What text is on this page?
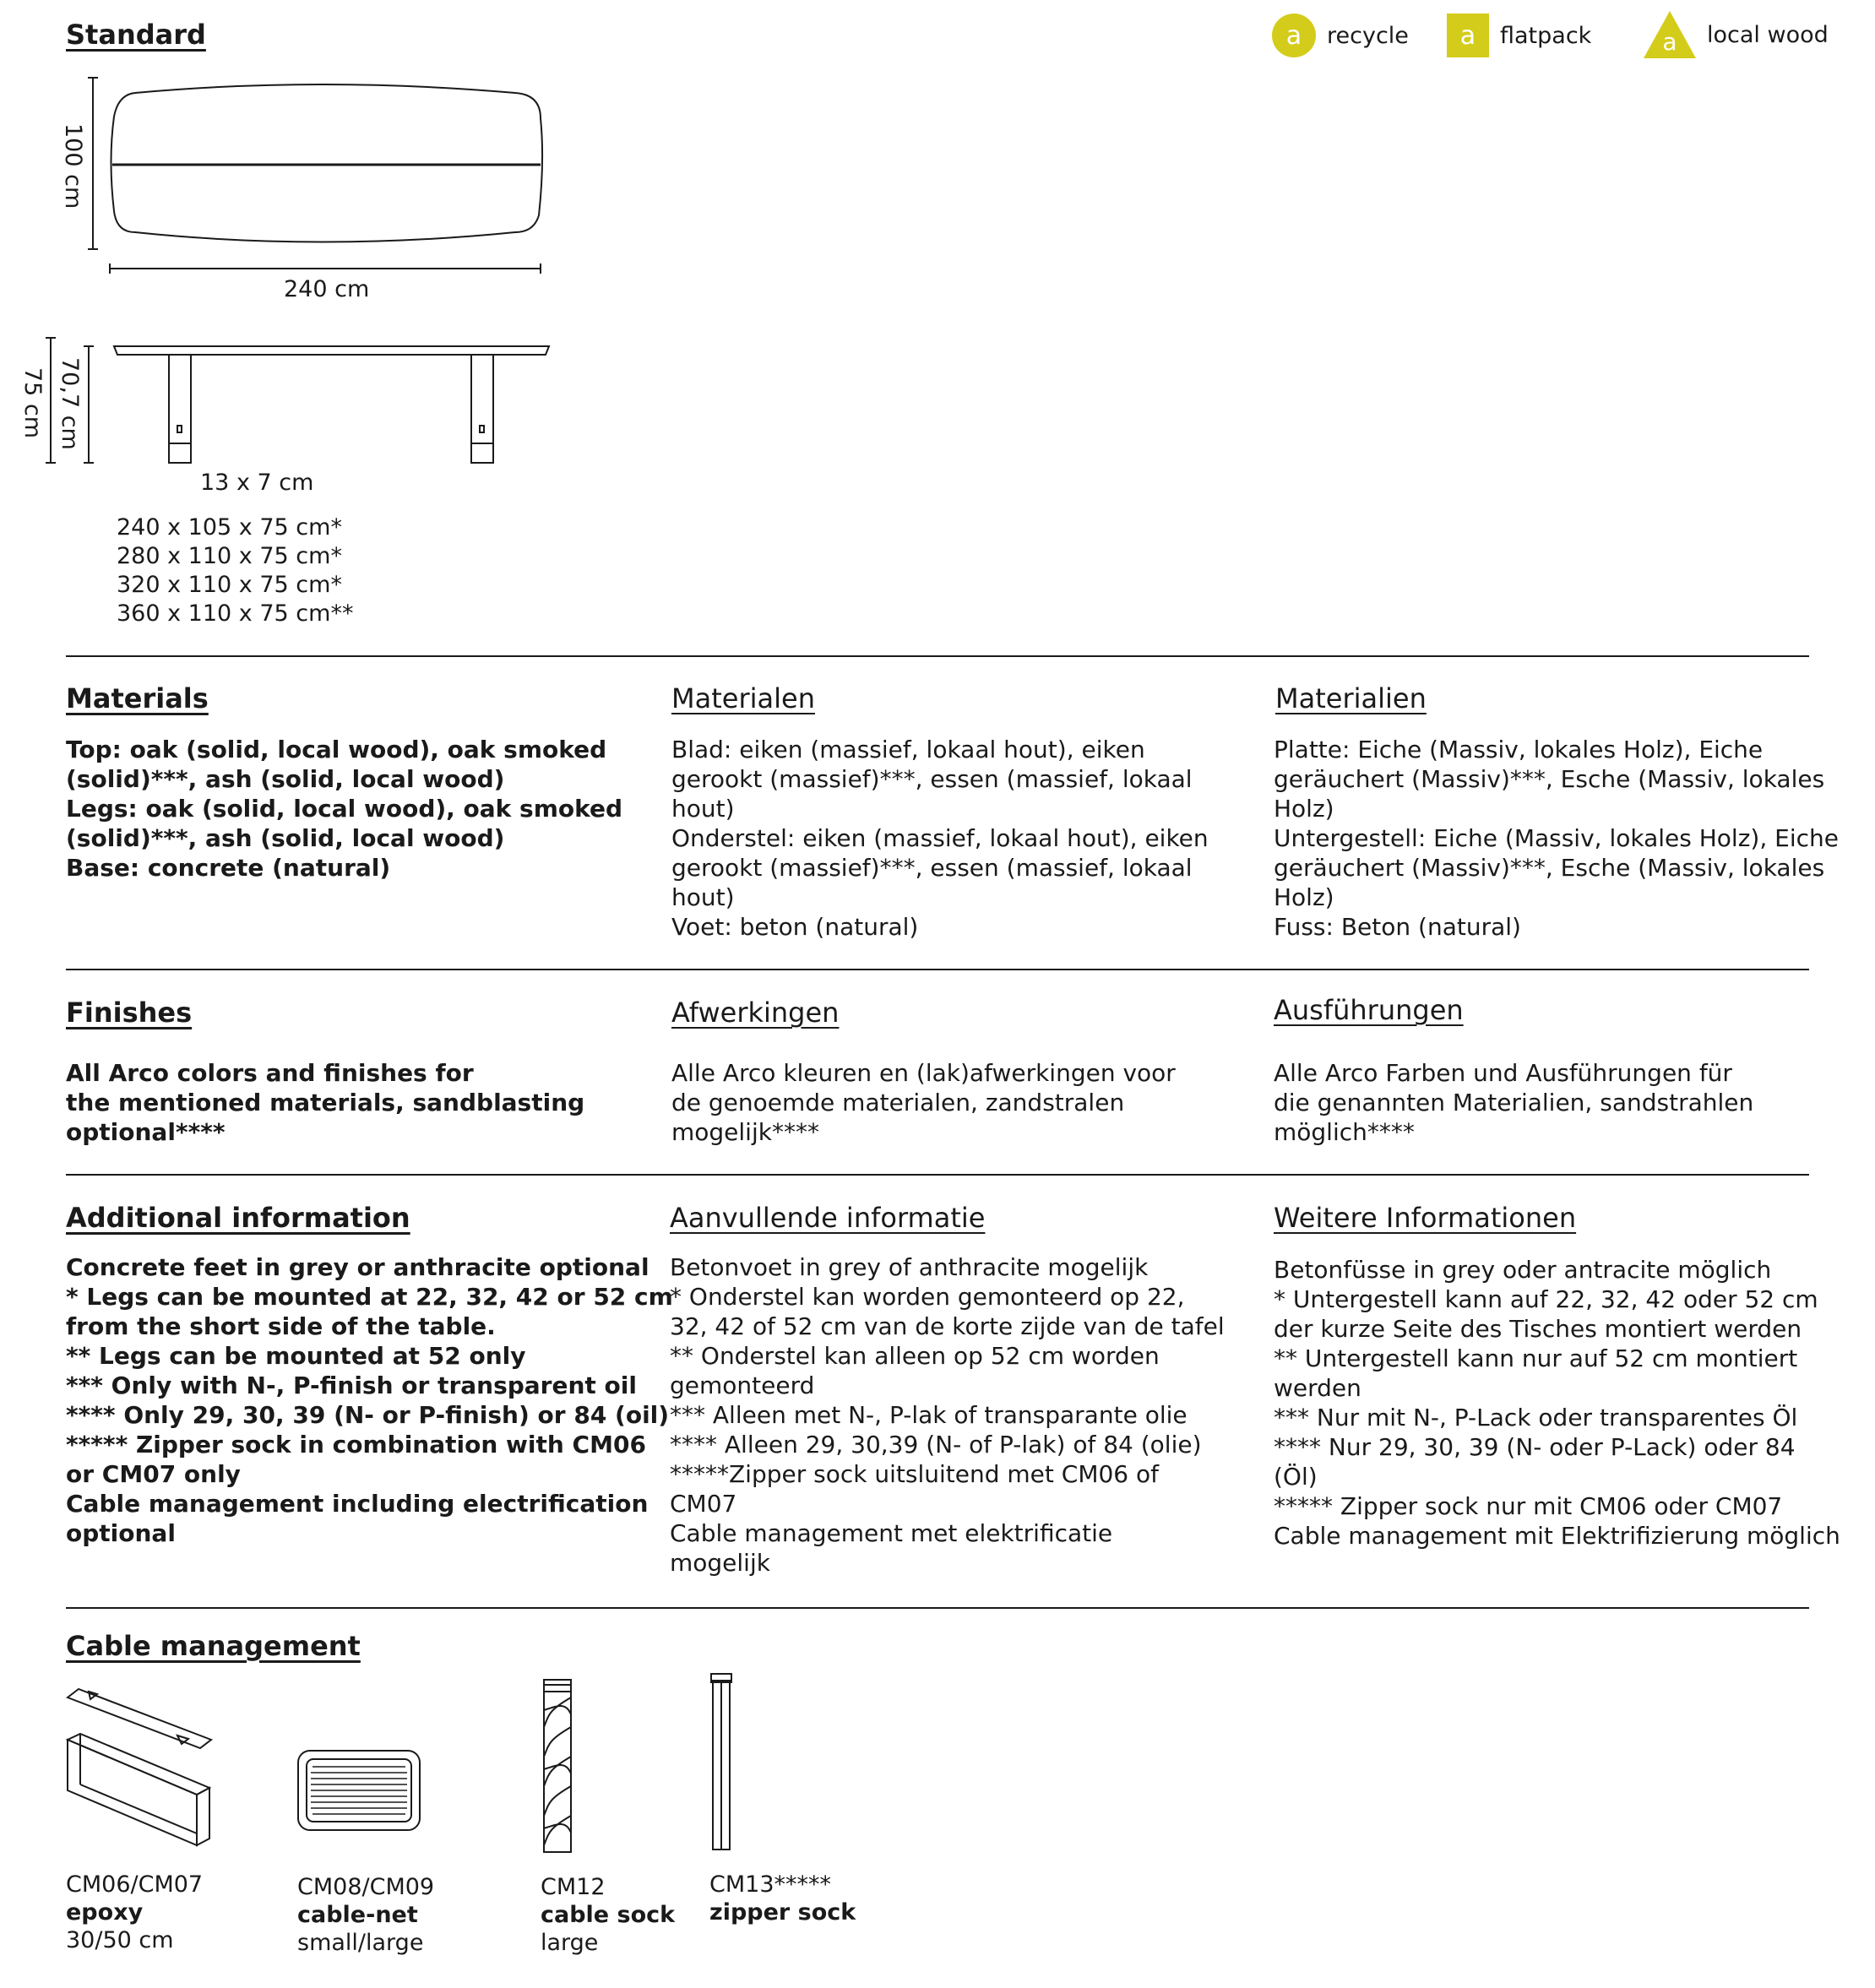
Standard	a recycle a flatpack	a local wood
100 cm
240 cm
70,7 cm
75 cm
13 x 7 cm
240 x 105 x 75 cm*
280 x 110 x 75 cm*
320 x 110 x 75 cm*
360 x 110 x 75 cm**
Materials

Top: oak (solid, local wood), oak smoked
(solid)***, ash (solid, local wood)
Legs: oak (solid, local wood), oak smoked
(solid)***, ash (solid, local wood)
Base: concrete (natural)

Materialen

Blad: eiken (massief, lokaal hout), eiken
gerookt (massief)***, essen (massief, lokaal
hout)
Onderstel: eiken (massief, lokaal hout), eiken
gerookt (massief)***, essen (massief, lokaal
hout)
Voet: beton (natural)

Materialien

Platte: Eiche (Massiv, lokales Holz), Eiche
geräuchert (Massiv)***, Esche (Massiv, lokales
Holz)
Untergestell: Eiche (Massiv, lokales Holz), Eiche
geräuchert (Massiv)***, Esche (Massiv, lokales
Holz)
Fuss: Beton (natural)

Finishes

All Arco colors and finishes for
the mentioned materials, sandblasting
optional****

Afwerkingen

Alle Arco kleuren en (lak)afwerkingen voor
de genoemde materialen, zandstralen
mogelijk****

Ausführungen

Alle Arco Farben und Ausführungen für
die genannten Materialien, sandstrahlen
möglich****

Additional information

Concrete feet in grey or anthracite optional
* Legs can be mounted at 22, 32, 42 or 52 cm
from the short side of the table.
** Legs can be mounted at 52 only
*** Only with N-, P-finish or transparent oil
**** Only 29, 30, 39 (N- or P-finish) or 84 (oil)
***** Zipper sock in combination with CM06
or CM07 only
Cable management including electrification
optional

Aanvullende informatie

Betonvoet in grey of anthracite mogelijk
* Onderstel kan worden gemonteerd op 22,
32, 42 of 52 cm van de korte zijde van de tafel
** Onderstel kan alleen op 52 cm worden
gemonteerd
*** Alleen met N-, P-lak of transparante olie
**** Alleen 29, 30,39 (N- of P-lak) of 84 (olie)
*****Zipper sock uitsluitend met CM06 of
CM07
Cable management met elektrificatie
mogelijk

Weitere Informationen

Betonfüsse in grey oder antracite möglich
* Untergestell kann auf 22, 32, 42 oder 52 cm
der kurze Seite des Tisches montiert werden
** Untergestell kann nur auf 52 cm montiert
werden
*** Nur mit N-, P-Lack oder transparentes Öl
**** Nur 29, 30, 39 (N- oder P-Lack) oder 84
(Öl)
***** Zipper sock nur mit CM06 oder CM07
Cable management mit Elektrifizierung möglich

Cable management
CM06/CM07
epoxy
30/50 cm
CM08/CM09
cable-net
small/large
CM12
cable sock
large
CM13*****
zipper sock
